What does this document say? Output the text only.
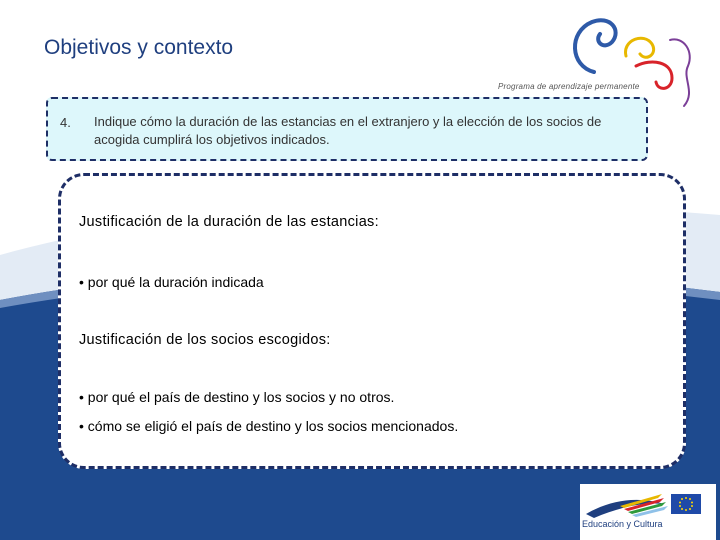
Objetivos y contexto
Programa de aprendizaje permanente
4. Indique cómo la duración de las estancias en el extranjero y la elección de los socios de acogida cumplirá los objetivos indicados.
Justificación de la duración de las estancias:
• por qué la duración indicada
Justificación de los socios escogidos:
• por qué el país de destino y los socios y no otros.
• cómo se eligió el país de destino y los socios mencionados.
Educación y Cultura
